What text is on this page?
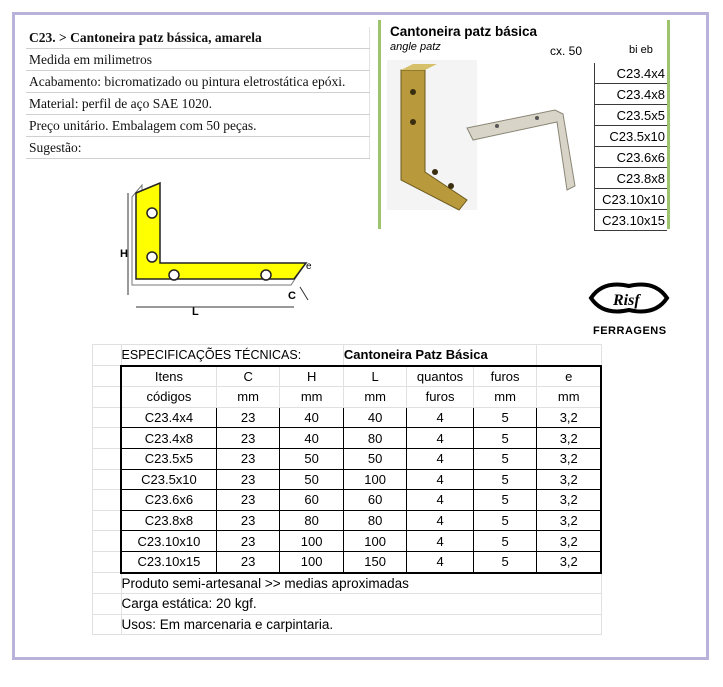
C23. > Cantoneira patz bássica, amarela
Medida em milimetros
Acabamento: bicromatizado ou pintura eletrostática epóxi.
Material: perfil de aço SAE 1020.
Preço unitário. Embalagem com 50 peças.
Sugestão:
Cantoneira patz básica
angle patz	cx. 50	bi eb
C23.4x4
C23.4x8
C23.5x5
C23.5x10
C23.6x6
C23.8x8
C23.10x10
C23.10x15
H
L
C
e
Risf
FERRAGENS
	ESPECIFICAÇÕES TÉCNICAS:			Cantoneira Patz Básica			
	Itens	C	H	L	quantos	furos	e
	códigos	mm	mm	mm	furos	mm	mm
	C23.4x4	23	40	40	4	5	3,2
	C23.4x8	23	40	80	4	5	3,2
	C23.5x5	23	50	50	4	5	3,2
	C23.5x10	23	50	100	4	5	3,2
	C23.6x6	23	60	60	4	5	3,2
	C23.8x8	23	80	80	4	5	3,2
	C23.10x10	23	100	100	4	5	3,2
	C23.10x15	23	100	150	4	5	3,2
	Produto semi-artesanal >> medias aproximadas						
	Carga estática: 20 kgf.						
	Usos: Em marcenaria e carpintaria.						
